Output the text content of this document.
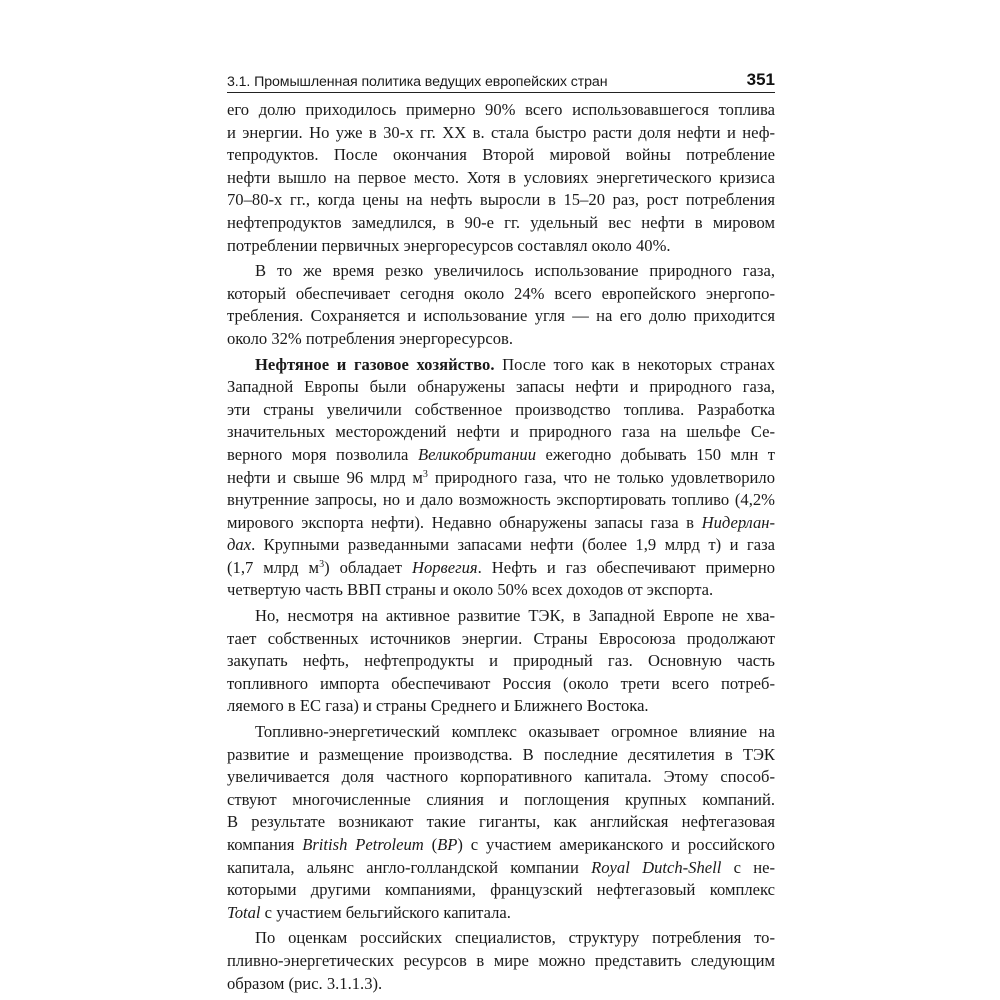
3.1. Промышленная политика ведущих европейских стран	351
его долю приходилось примерно 90% всего использовавшегося топлива
и энергии. Но уже в 30-х гг. XX в. стала быстро расти доля нефти и неф-
тепродуктов. После окончания Второй мировой войны потребление
нефти вышло на первое место. Хотя в условиях энергетического кризиса
70–80-х гг., когда цены на нефть выросли в 15–20 раз, рост потребления
нефтепродуктов замедлился, в 90-е гг. удельный вес нефти в мировом
потреблении первичных энергоресурсов составлял около 40%.
В то же время резко увеличилось использование природного газа,
который обеспечивает сегодня около 24% всего европейского энергопо-
требления. Сохраняется и использование угля — на его долю приходится
около 32% потребления энергоресурсов.
Нефтяное и газовое хозяйство. После того как в некоторых странах
Западной Европы были обнаружены запасы нефти и природного газа,
эти страны увеличили собственное производство топлива. Разработка
значительных месторождений нефти и природного газа на шельфе Се-
верного моря позволила Великобритании ежегодно добывать 150 млн т
нефти и свыше 96 млрд $м^3$ природного газа, что не только удовлетворило
внутренние запросы, но и дало возможность экспортировать топливо (4,2%
мирового экспорта нефти). Недавно обнаружены запасы газа в Нидерлан-
дах. Крупными разведанными запасами нефти (более 1,9 млрд т) и газа
(1,7 млрд $м^3$) обладает Норвегия. Нефть и газ обеспечивают примерно
четвертую часть ВВП страны и около 50% всех доходов от экспорта.
Но, несмотря на активное развитие ТЭК, в Западной Европе не хва-
тает собственных источников энергии. Страны Евросоюза продолжают
закупать нефть, нефтепродукты и природный газ. Основную часть
топливного импорта обеспечивают Россия (около трети всего потреб-
ляемого в ЕС газа) и страны Среднего и Ближнего Востока.
Топливно-энергетический комплекс оказывает огромное влияние на
развитие и размещение производства. В последние десятилетия в ТЭК
увеличивается доля частного корпоративного капитала. Этому способ-
ствуют многочисленные слияния и поглощения крупных компаний.
В результате возникают такие гиганты, как английская нефтегазовая
компания British Petroleum (BP) с участием американского и российского
капитала, альянс англо-голландской компании Royal Dutch-Shell с не-
которыми другими компаниями, французский нефтегазовый комплекс
Total с участием бельгийского капитала.
По оценкам российских специалистов, структуру потребления то-
пливно-энергетических ресурсов в мире можно представить следующим
образом (рис. 3.1.1.3).
